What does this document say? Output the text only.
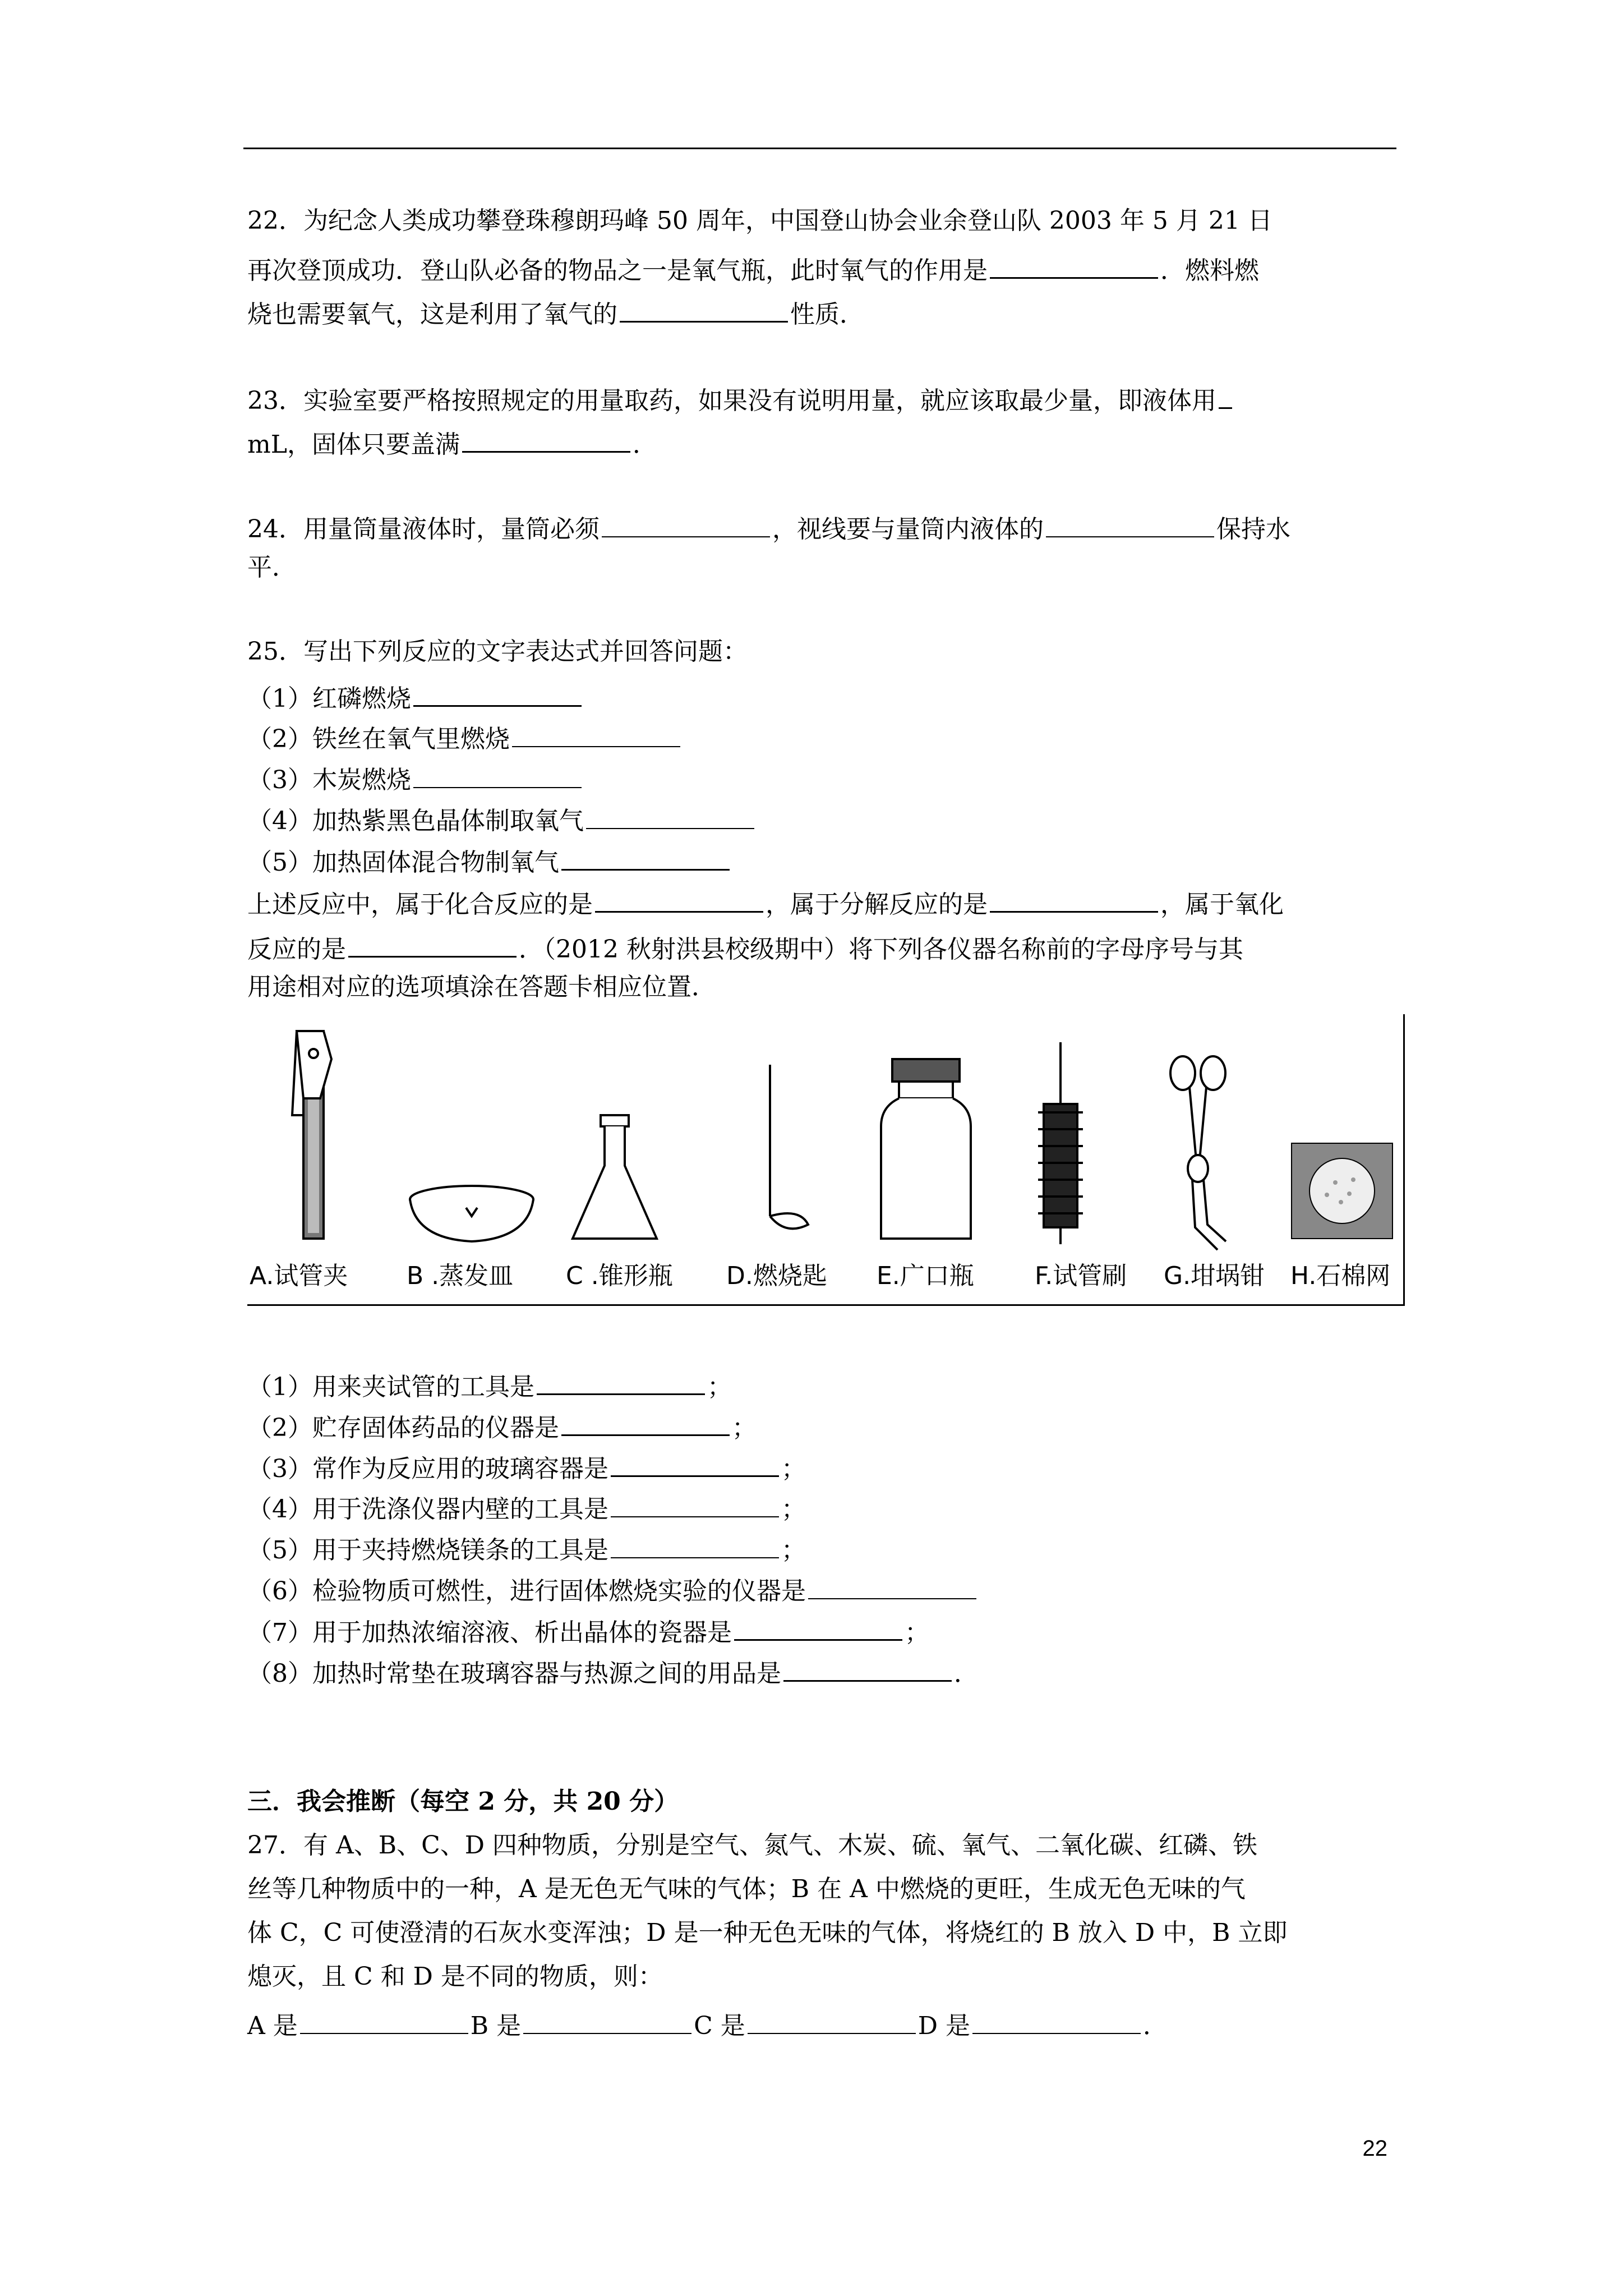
22．为纪念人类成功攀登珠穆朗玛峰 50 周年，中国登山协会业余登山队 2003 年 5 月 21 日
再次登顶成功．登山队必备的物品之一是氧气瓶，此时氧气的作用是	．燃料燃
烧也需要氧气，这是利用了氧气的	性质．
23．实验室要严格按照规定的用量取药，如果没有说明用量，就应该取最少量，即液体用
mL，固体只要盖满	．
24．用量筒量液体时，量筒必须	，视线要与量筒内液体的	保持水
平．
25．写出下列反应的文字表达式并回答问题：
（1）红磷燃烧
（2）铁丝在氧气里燃烧
（3）木炭燃烧
（4）加热紫黑色晶体制取氧气
（5）加热固体混合物制氧气
上述反应中，属于化合反应的是	，属于分解反应的是	，属于氧化
反应的是	．（2012 秋射洪县校级期中）将下列各仪器名称前的字母序号与其
用途相对应的选项填涂在答题卡相应位置．
A.试管夹 B .蒸发皿 C .锥形瓶 D.燃烧匙 E.广口瓶 F.试管刷 G.坩埚钳 H.石棉网
（1）用来夹试管的工具是	；
（2）贮存固体药品的仪器是	；
（3）常作为反应用的玻璃容器是	；
（4）用于洗涤仪器内壁的工具是	；
（5）用于夹持燃烧镁条的工具是	；
（6）检验物质可燃性，进行固体燃烧实验的仪器是
（7）用于加热浓缩溶液、析出晶体的瓷器是	；
（8）加热时常垫在玻璃容器与热源之间的用品是	．
三．我会推断（每空 2 分，共 20 分）
27．有 A、B、C、D 四种物质，分别是空气、氮气、木炭、硫、氧气、二氧化碳、红磷、铁
丝等几种物质中的一种，A 是无色无气味的气体；B 在 A 中燃烧的更旺，生成无色无味的气
体 C，C 可使澄清的石灰水变浑浊；D 是一种无色无味的气体，将烧红的 B 放入 D 中，B 立即
熄灭，且 C 和 D 是不同的物质，则：
A 是	B 是	C 是	D 是	．
22
